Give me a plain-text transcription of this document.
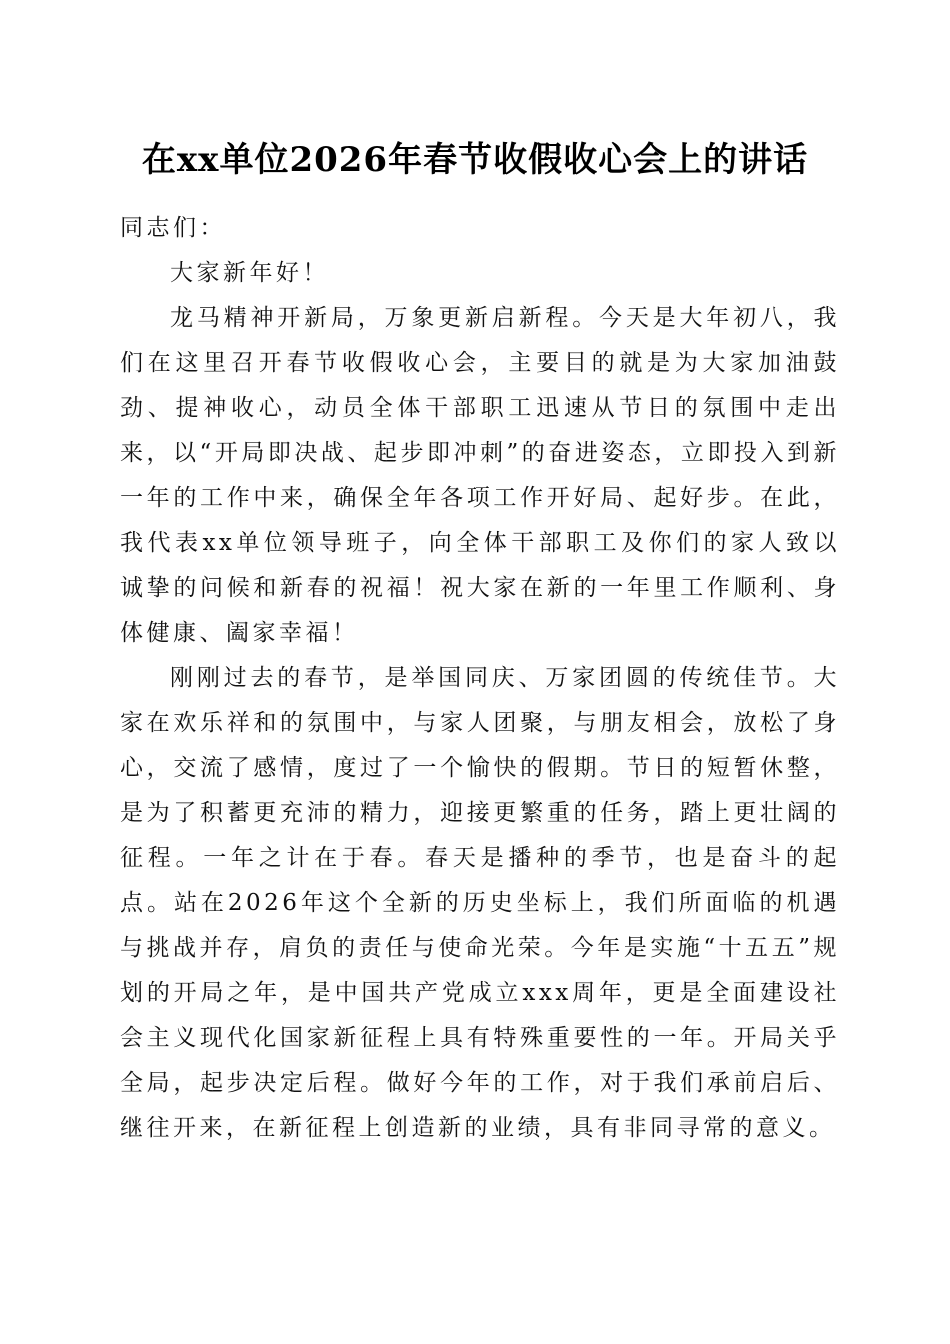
在xx单位2026年春节收假收心会上的讲话

同志们：

大家新年好！

龙马精神开新局，万象更新启新程。今天是大年初八，我们在这里召开春节收假收心会，主要目的就是为大家加油鼓劲、提神收心，动员全体干部职工迅速从节日的氛围中走出来，以“开局即决战、起步即冲刺”的奋进姿态，立即投入到新一年的工作中来，确保全年各项工作开好局、起好步。在此，我代表xx单位领导班子，向全体干部职工及你们的家人致以诚挚的问候和新春的祝福！祝大家在新的一年里工作顺利、身体健康、阖家幸福！

刚刚过去的春节，是举国同庆、万家团圆的传统佳节。大家在欢乐祥和的氛围中，与家人团聚，与朋友相会，放松了身心，交流了感情，度过了一个愉快的假期。节日的短暂休整，是为了积蓄更充沛的精力，迎接更繁重的任务，踏上更壮阔的征程。一年之计在于春。春天是播种的季节，也是奋斗的起点。站在2026年这个全新的历史坐标上，我们所面临的机遇与挑战并存，肩负的责任与使命光荣。今年是实施“十五五”规划的开局之年，是中国共产党成立xxx周年，更是全面建设社会主义现代化国家新征程上具有特殊重要性的一年。开局关乎全局，起步决定后程。做好今年的工作，对于我们承前启后、继往开来，在新征程上创造新的业绩，具有非同寻常的意义。
